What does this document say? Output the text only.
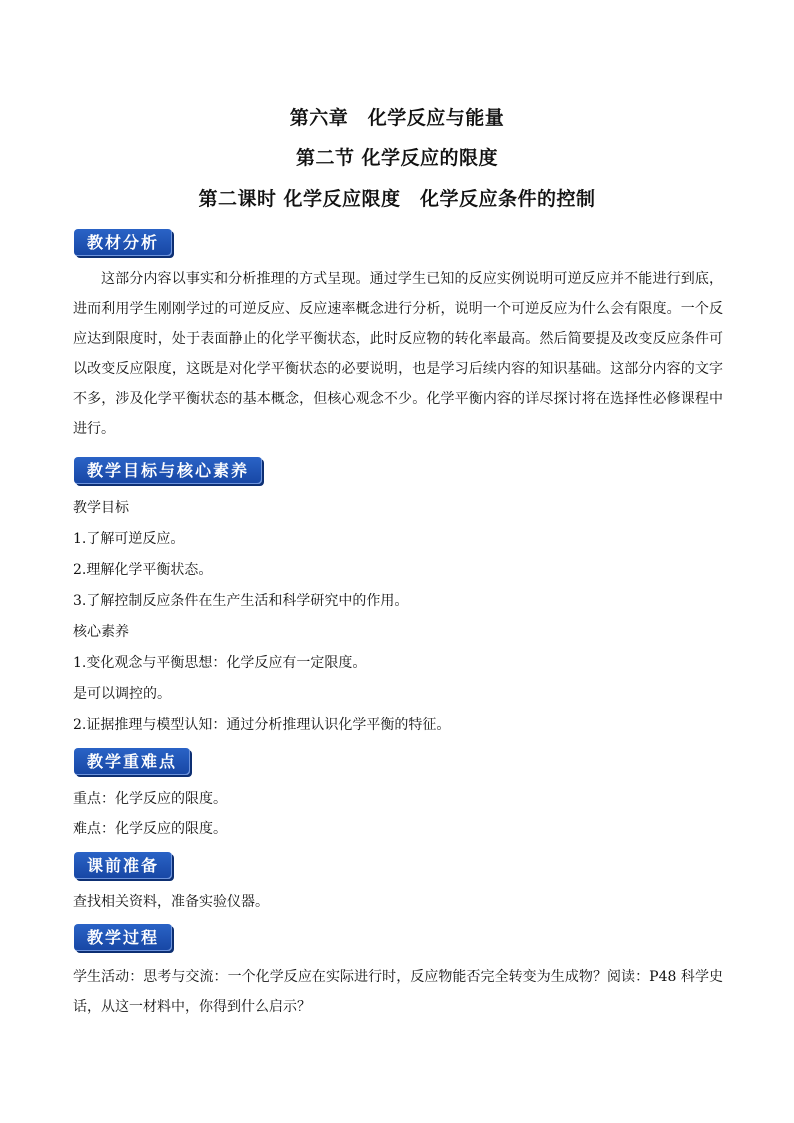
第六章　化学反应与能量
第二节 化学反应的限度
第二课时 化学反应限度　化学反应条件的控制
教材分析
这部分内容以事实和分析推理的方式呈现。通过学生已知的反应实例说明可逆反应并不能进行到底，进而利用学生刚刚学过的可逆反应、反应速率概念进行分析，说明一个可逆反应为什么会有限度。一个反应达到限度时，处于表面静止的化学平衡状态，此时反应物的转化率最高。然后简要提及改变反应条件可以改变反应限度，这既是对化学平衡状态的必要说明，也是学习后续内容的知识基础。这部分内容的文字不多，涉及化学平衡状态的基本概念，但核心观念不少。化学平衡内容的详尽探讨将在选择性必修课程中进行。
教学目标与核心素养
教学目标
1.了解可逆反应。
2.理解化学平衡状态。
3.了解控制反应条件在生产生活和科学研究中的作用。
核心素养
1.变化观念与平衡思想：化学反应有一定限度。
是可以调控的。
2.证据推理与模型认知：通过分析推理认识化学平衡的特征。
教学重难点
重点：化学反应的限度。
难点：化学反应的限度。
课前准备
查找相关资料，准备实验仪器。
教学过程
学生活动：思考与交流：一个化学反应在实际进行时，反应物能否完全转变为生成物？阅读：P48 科学史话，从这一材料中，你得到什么启示？
